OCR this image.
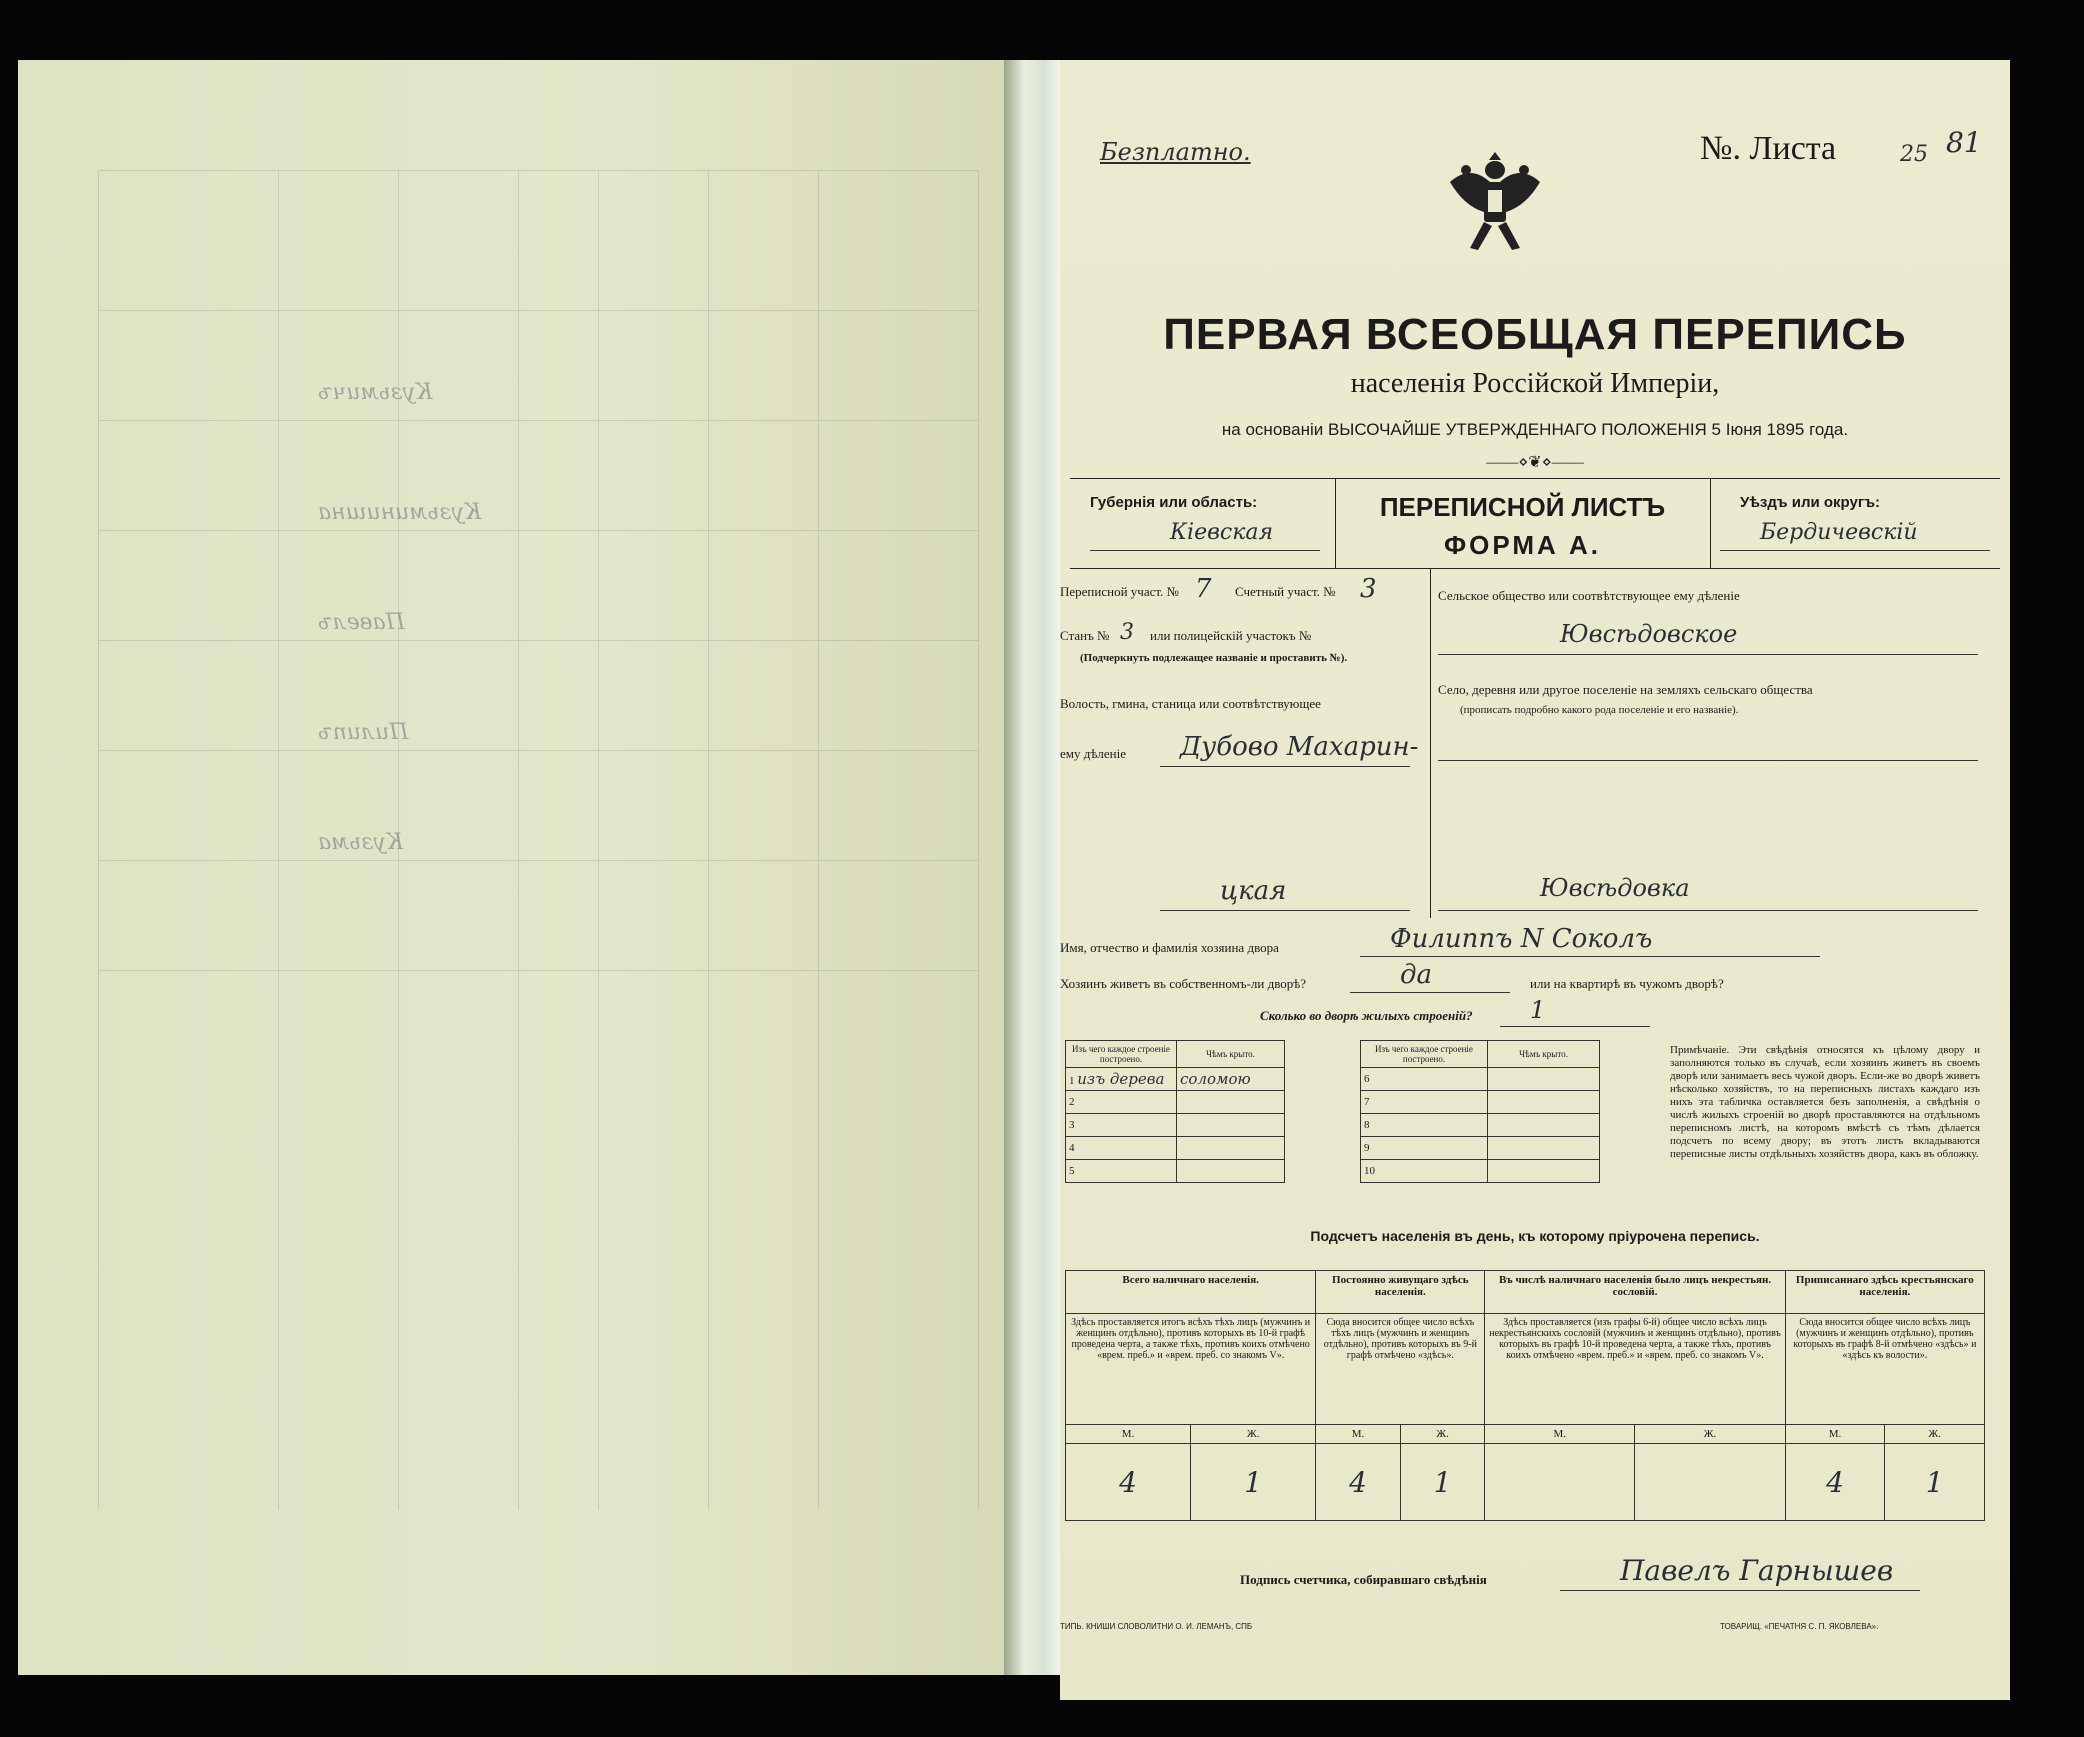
Кузьмичъ
Кузьминишна
Павелъ
Пилипъ
Кузьма
Безплатно.	№. Листа	25 81
ПЕРВАЯ ВСЕОБЩАЯ ПЕРЕПИСЬ
населенія Россійской Имперіи,
на основаніи ВЫСОЧАЙШЕ УТВЕРЖДЕННАГО ПОЛОЖЕНІЯ 5 Іюня 1895 года.
——⋄❦⋄——
Губернія или область:
Кіевская
ПЕРЕПИСНОЙ ЛИСТЪ
ФОРМА А.
Уѣздъ или округъ:
Бердичевскій
Переписной участ. № 7 Счетный участ. № 3
Станъ № 3 или полицейскій участокъ №
(Подчеркнуть подлежащее названіе и проставить №).
Волость, гмина, станица или соотвѣтствующее
ему дѣленіе Дубово Махарин-
цкая
Сельское общество или соотвѣтствующее ему дѣленіе
Ювсѣдовское
Село, деревня или другое поселеніе на земляхъ сельскаго общества
(прописать подробно какого рода поселеніе и его названіе).
Ювсѣдовка
Имя, отчество и фамилія хозяина двора	Филиппъ N Соколъ
Хозяинъ живетъ въ собственномъ-ли дворѣ?	да	или на квартирѣ въ чужомъ дворѣ?
Сколько во дворѣ жилыхъ строеній? 1
Изъ чего каждое строеніе построено.	Чѣмъ крыто.
1 изъ дерева	соломою
2	
3	
4	
5	
Изъ чего каждое строеніе построено.	Чѣмъ крыто.
6	
7	
8	
9	
10	
Примѣчаніе. Эти свѣдѣнія относятся къ цѣлому двору и заполняются только въ случаѣ, если хозяинъ живетъ въ своемъ дворѣ или занимаетъ весь чужой дворъ. Если-же во дворѣ живетъ нѣсколько хозяйствъ, то на переписныхъ листахъ каждаго изъ нихъ эта табличка оставляется безъ заполненія, а свѣдѣнія о числѣ жилыхъ строеній во дворѣ проставляются на отдѣльномъ переписномъ листѣ, на которомъ вмѣстѣ съ тѣмъ дѣлается подсчетъ по всему двору; въ этотъ листъ вкладываются переписные листы отдѣльныхъ хозяйствъ двора, какъ въ обложку.
Подсчетъ населенія въ день, къ которому пріурочена перепись.
Всего наличнаго населенія.		Постоянно живущаго здѣсь населенія.		Въ числѣ наличнаго населенія было лицъ некрестьян. сословій.		Приписаннаго здѣсь крестьянскаго населенія.	
Здѣсь проставляется итогъ всѣхъ тѣхъ лицъ (мужчинъ и женщинъ отдѣльно), противъ которыхъ въ 10-й графѣ проведена черта, а также тѣхъ, противъ коихъ отмѣчено «врем. преб.» и «врем. преб. со знакомъ V».		Сюда вносится общее число всѣхъ тѣхъ лицъ (мужчинъ и женщинъ отдѣльно), противъ которыхъ въ 9-й графѣ отмѣчено «здѣсь».		Здѣсь проставляется (изъ графы 6-й) общее число всѣхъ лицъ некрестьянскихъ сословій (мужчинъ и женщинъ отдѣльно), противъ которыхъ въ графѣ 10-й проведена черта, а также тѣхъ, противъ коихъ отмѣчено «врем. преб.» и «врем. преб. со знакомъ V».		Сюда вносится общее число всѣхъ лицъ (мужчинъ и женщинъ отдѣльно), противъ которыхъ въ графѣ 8-й отмѣчено «здѣсь» и «здѣсь къ волости».	
М.	Ж.	М.	Ж.	М.	Ж.	М.	Ж.
4	1	4	1			4	1
Подпись счетчика, собиравшаго свѣдѣнія	Павелъ Гарнышев
ТИПЬ. КНИШИ СЛОВОЛИТНИ О. И. ЛЕМАНЪ, СПБ	ТОВАРИЩ. «ПЕЧАТНЯ С. П. ЯКОВЛЕВА».
